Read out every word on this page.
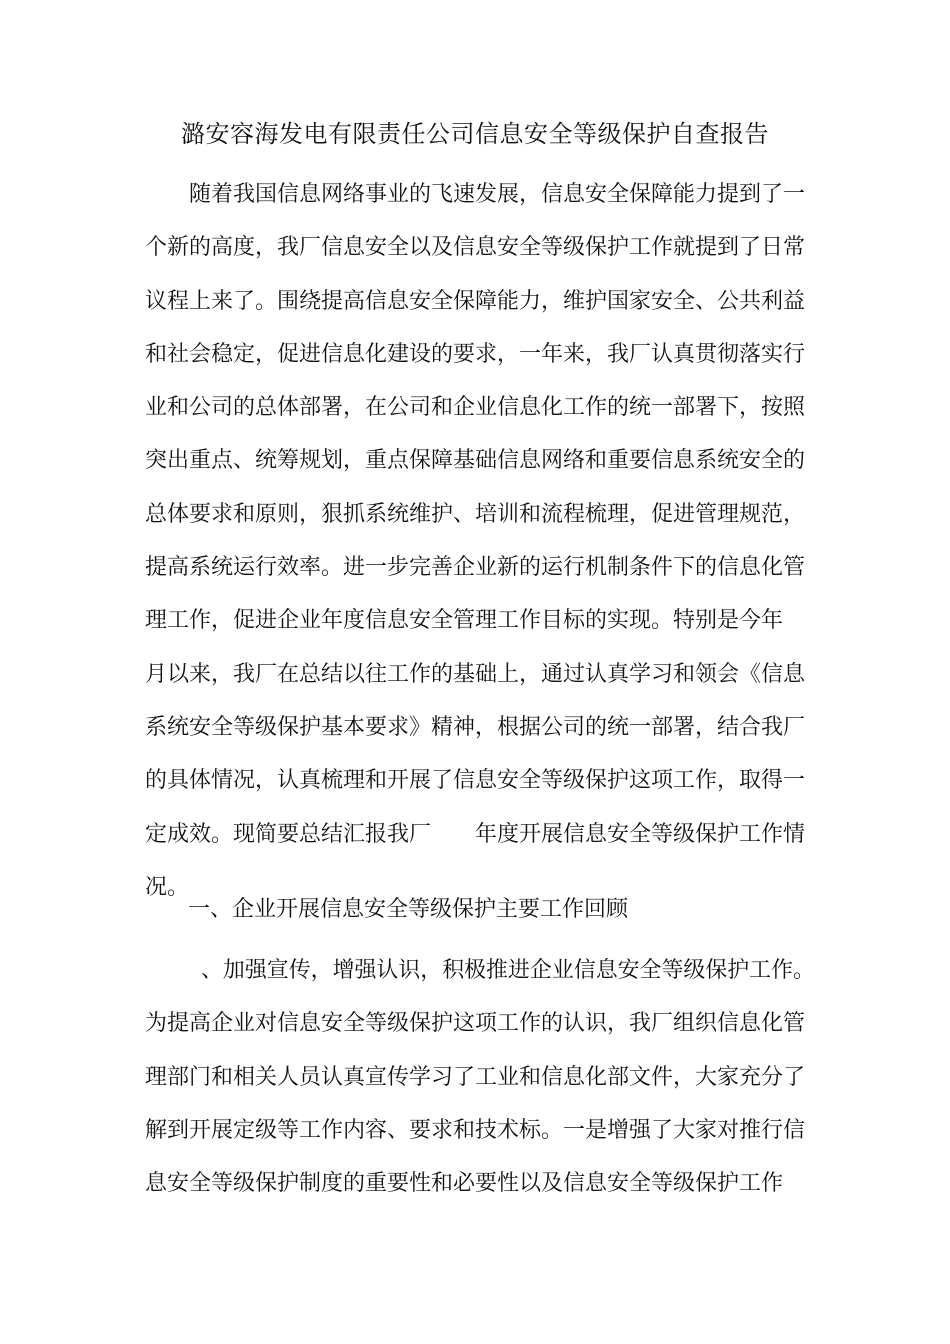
潞安容海发电有限责任公司信息安全等级保护自查报告
随着我国信息网络事业的飞速发展，信息安全保障能力提到了一
个新的高度，我厂信息安全以及信息安全等级保护工作就提到了日常
议程上来了。围绕提高信息安全保障能力，维护国家安全、公共利益
和社会稳定，促进信息化建设的要求，一年来，我厂认真贯彻落实行
业和公司的总体部署，在公司和企业信息化工作的统一部署下，按照
突出重点、统筹规划，重点保障基础信息网络和重要信息系统安全的
总体要求和原则，狠抓系统维护、培训和流程梳理，促进管理规范，
提高系统运行效率。进一步完善企业新的运行机制条件下的信息化管
理工作，促进企业年度信息安全管理工作目标的实现。特别是今年
月以来，我厂在总结以往工作的基础上，通过认真学习和领会《信息
系统安全等级保护基本要求》精神，根据公司的统一部署，结合我厂
的具体情况，认真梳理和开展了信息安全等级保护这项工作，取得一
定成效。现简要总结汇报我厂　　年度开展信息安全等级保护工作情
况。
一、企业开展信息安全等级保护主要工作回顾
、加强宣传，增强认识，积极推进企业信息安全等级保护工作。
为提高企业对信息安全等级保护这项工作的认识，我厂组织信息化管
理部门和相关人员认真宣传学习了工业和信息化部文件，大家充分了
解到开展定级等工作内容、要求和技术标。一是增强了大家对推行信
息安全等级保护制度的重要性和必要性以及信息安全等级保护工作
